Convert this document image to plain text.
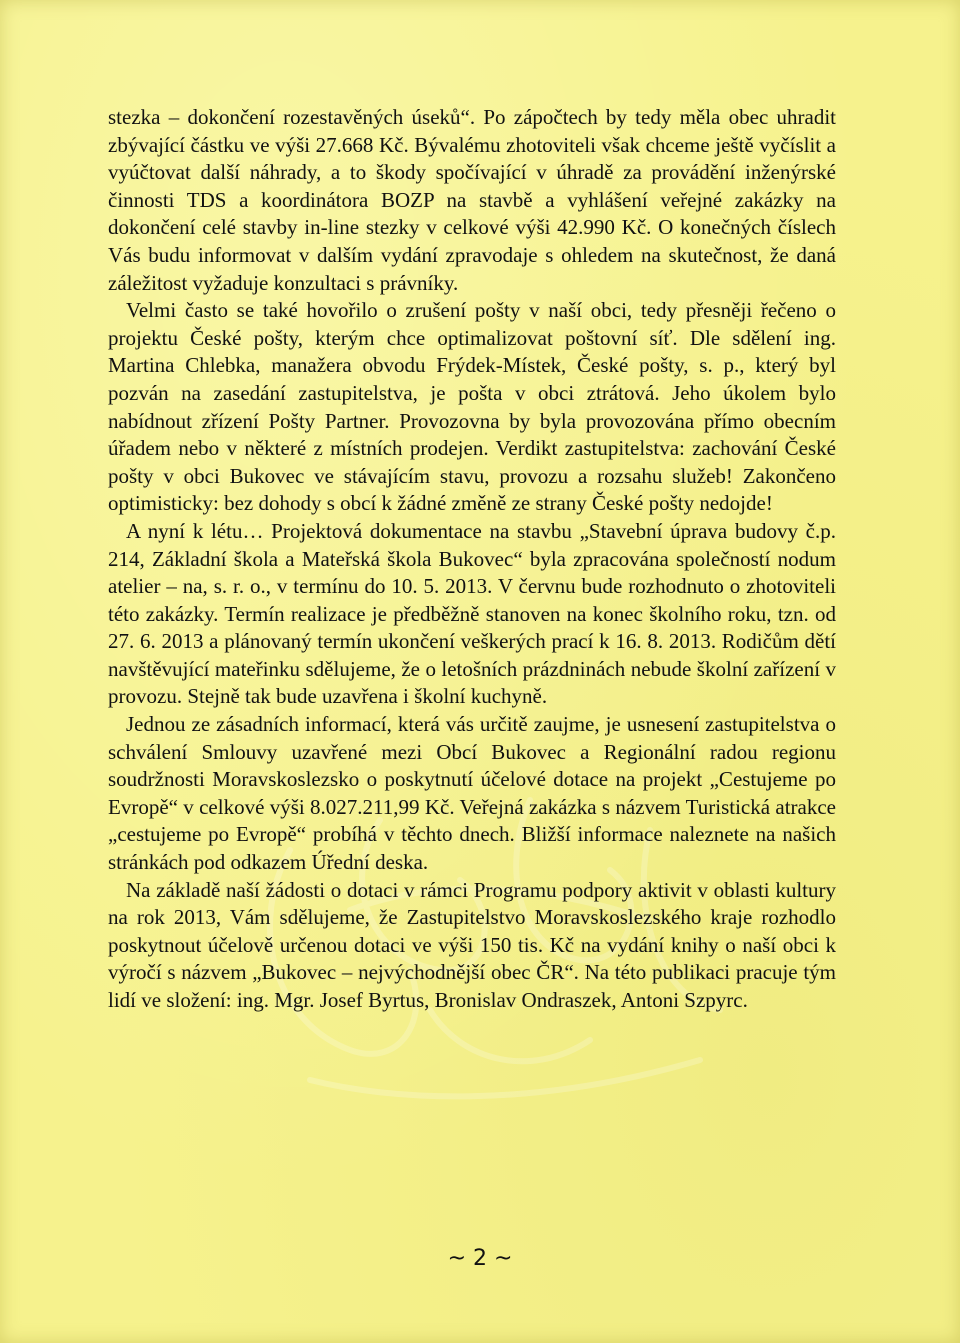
stezka – dokončení rozestavěných úseků“. Po zápočtech by tedy měla obec uhradit zbývající částku ve výši 27.668 Kč. Bývalému zhotoviteli však chceme ještě vyčíslit a vyúčtovat další náhrady, a to škody spočívající v úhradě za provádění inženýrské činnosti TDS a koordinátora BOZP na stavbě a vyhlášení veřejné zakázky na dokončení celé stavby in-line stezky v celkové výši 42.990 Kč. O konečných číslech Vás budu informovat v dalším vydání zpravodaje s ohledem na skutečnost, že daná záležitost vyžaduje konzultaci s právníky.

Velmi často se také hovořilo o zrušení pošty v naší obci, tedy přesněji řečeno o projektu České pošty, kterým chce optimalizovat poštovní síť. Dle sdělení ing. Martina Chlebka, manažera obvodu Frýdek-Místek, České pošty, s. p., který byl pozván na zasedání zastupitelstva, je pošta v obci ztrátová. Jeho úkolem bylo nabídnout zřízení Pošty Partner. Provozovna by byla provozována přímo obecním úřadem nebo v některé z místních prodejen. Verdikt zastupitelstva: zachování České pošty v obci Bukovec ve stávajícím stavu, provozu a rozsahu služeb! Zakončeno optimisticky: bez dohody s obcí k žádné změně ze strany České pošty nedojde!

A nyní k létu… Projektová dokumentace na stavbu „Stavební úprava budovy č.p. 214, Základní škola a Mateřská škola Bukovec“ byla zpracována společností nodum atelier – na, s. r. o., v termínu do 10. 5. 2013. V červnu bude rozhodnuto o zhotoviteli této zakázky. Termín realizace je předběžně stanoven na konec školního roku, tzn. od 27. 6. 2013 a plánovaný termín ukončení veškerých prací k 16. 8. 2013. Rodičům dětí navštěvující mateřinku sdělujeme, že o letošních prázdninách nebude školní zařízení v provozu. Stejně tak bude uzavřena i školní kuchyně.

Jednou ze zásadních informací, která vás určitě zaujme, je usnesení zastupitelstva o schválení Smlouvy uzavřené mezi Obcí Bukovec a Regionální radou regionu soudržnosti Moravskoslezsko o poskytnutí účelové dotace na projekt „Cestujeme po Evropě“ v celkové výši 8.027.211,99 Kč. Veřejná zakázka s názvem Turistická atrakce „cestujeme po Evropě“ probíhá v těchto dnech. Bližší informace naleznete na našich stránkách pod odkazem Úřední deska.

Na základě naší žádosti o dotaci v rámci Programu podpory aktivit v oblasti kultury na rok 2013, Vám sdělujeme, že Zastupitelstvo Moravskoslezského kraje rozhodlo poskytnout účelově určenou dotaci ve výši 150 tis. Kč na vydání knihy o naší obci k výročí s názvem „Bukovec – nejvýchodnější obec ČR“. Na této publikaci pracuje tým lidí ve složení: ing. Mgr. Josef Byrtus, Bronislav Ondraszek, Antoni Szpyrc.

~ 2 ~
